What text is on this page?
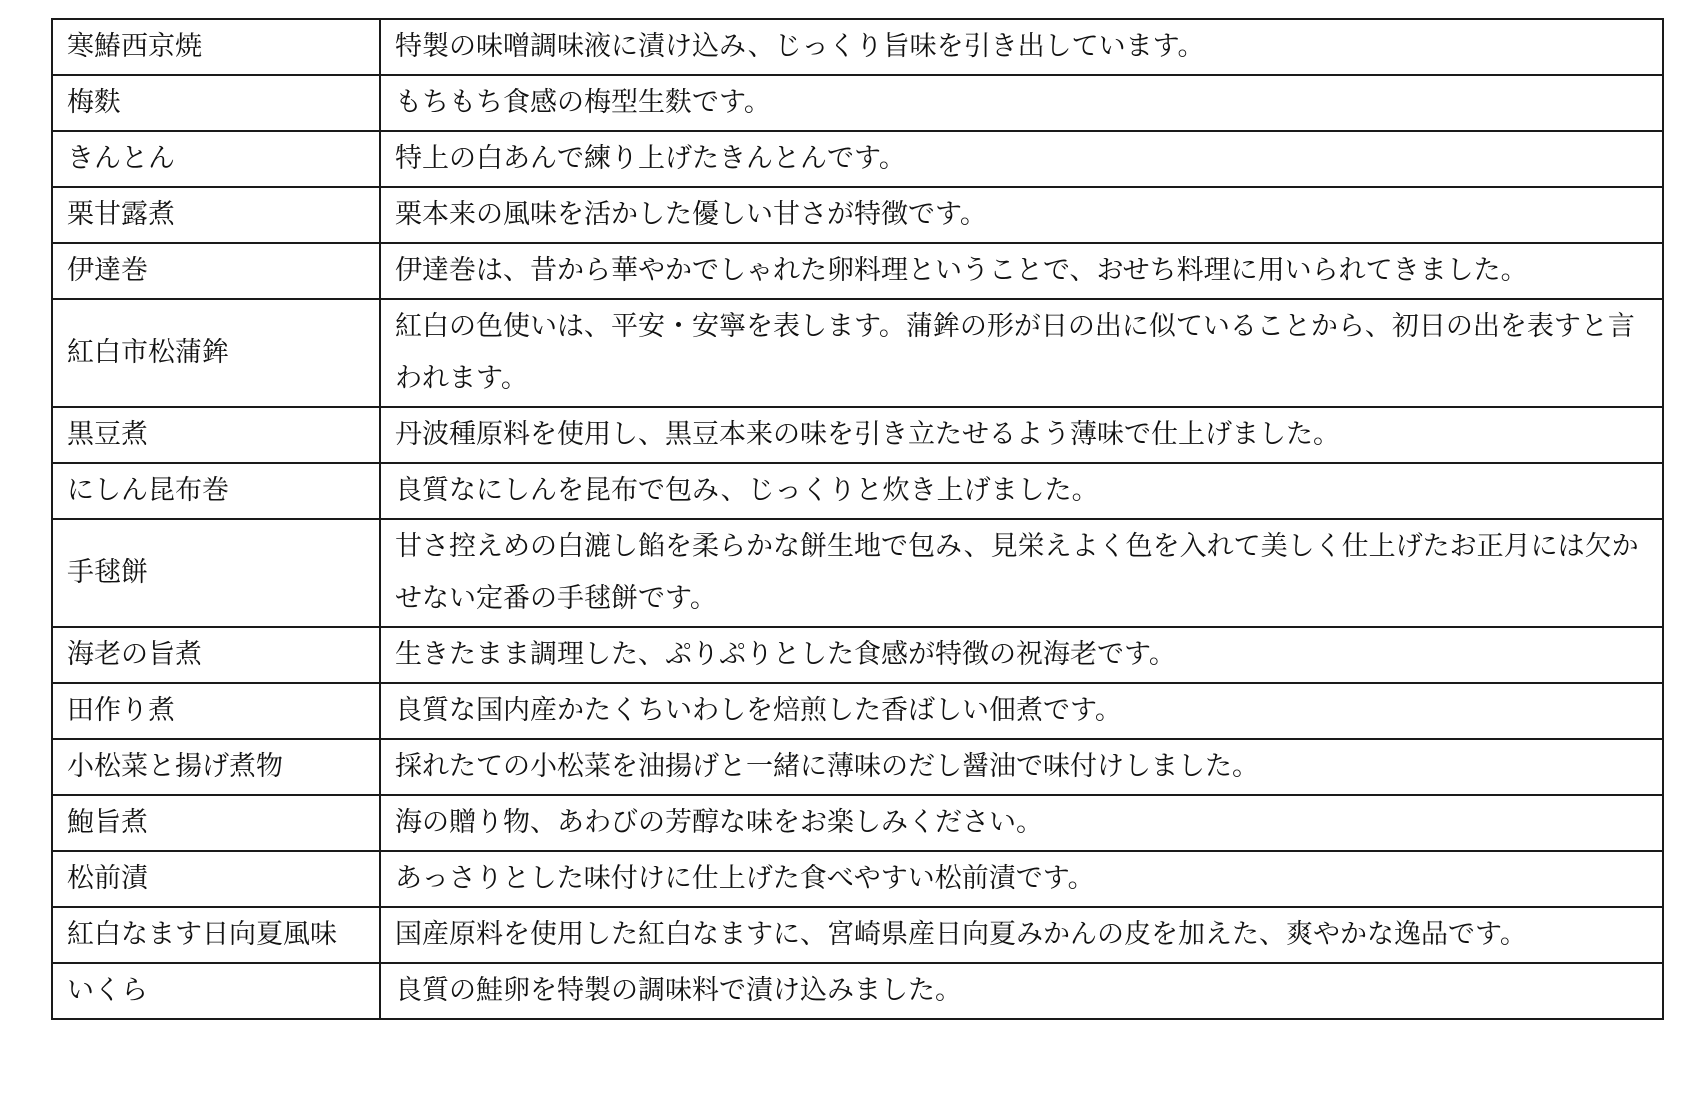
寒鰆西京焼	特製の味噌調味液に漬け込み、じっくり旨味を引き出しています。
梅麩	もちもち食感の梅型生麩です。
きんとん	特上の白あんで練り上げたきんとんです。
栗甘露煮	栗本来の風味を活かした優しい甘さが特徴です。
伊達巻	伊達巻は、昔から華やかでしゃれた卵料理ということで、おせち料理に用いられてきました。
紅白市松蒲鉾	紅白の色使いは、平安・安寧を表します。蒲鉾の形が日の出に似ていることから、初日の出を表すと言われます。
黒豆煮	丹波種原料を使用し、黒豆本来の味を引き立たせるよう薄味で仕上げました。
にしん昆布巻	良質なにしんを昆布で包み、じっくりと炊き上げました。
手毬餅	甘さ控えめの白漉し餡を柔らかな餅生地で包み、見栄えよく色を入れて美しく仕上げたお正月には欠かせない定番の手毬餅です。
海老の旨煮	生きたまま調理した、ぷりぷりとした食感が特徴の祝海老です。
田作り煮	良質な国内産かたくちいわしを焙煎した香ばしい佃煮です。
小松菜と揚げ煮物	採れたての小松菜を油揚げと一緒に薄味のだし醤油で味付けしました。
鮑旨煮	海の贈り物、あわびの芳醇な味をお楽しみください。
松前漬	あっさりとした味付けに仕上げた食べやすい松前漬です。
紅白なます日向夏風味	国産原料を使用した紅白なますに、宮崎県産日向夏みかんの皮を加えた、爽やかな逸品です。
いくら	良質の鮭卵を特製の調味料で漬け込みました。
